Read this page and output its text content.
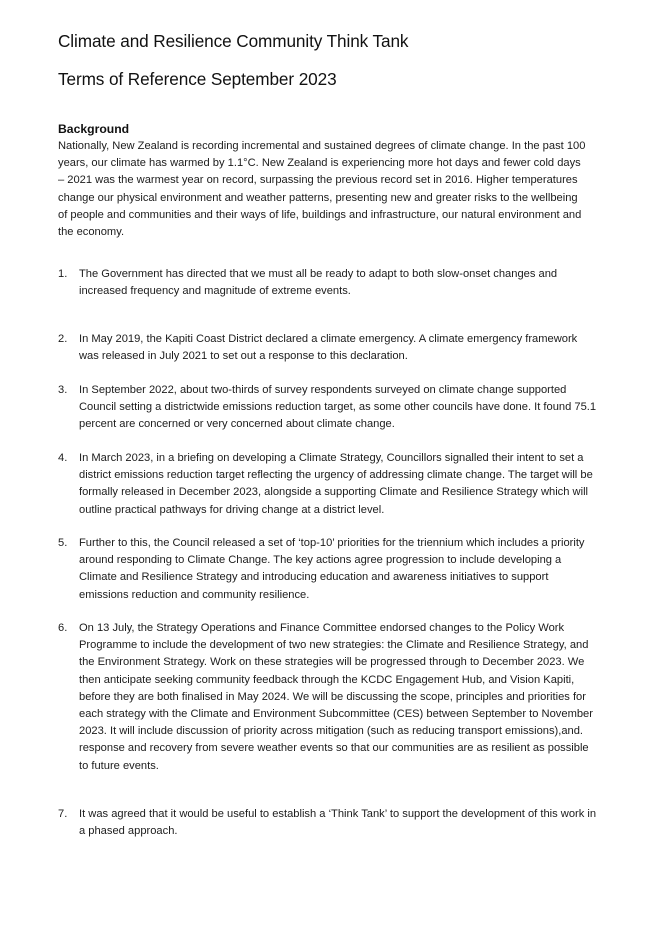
Climate and Resilience Community Think Tank
Terms of Reference September 2023
Background
Nationally, New Zealand is recording incremental and sustained degrees of climate change. In the past 100 years, our climate has warmed by 1.1°C. New Zealand is experiencing more hot days and fewer cold days – 2021 was the warmest year on record, surpassing the previous record set in 2016. Higher temperatures change our physical environment and weather patterns, presenting new and greater risks to the wellbeing of people and communities and their ways of life, buildings and infrastructure, our natural environment and the economy.
1.	The Government has directed that we must all be ready to adapt to both slow-onset changes and increased frequency and magnitude of extreme events.
2.	In May 2019, the Kapiti Coast District declared a climate emergency. A climate emergency framework was released in July 2021 to set out a response to this declaration.
3.	In September 2022, about two-thirds of survey respondents surveyed on climate change supported Council setting a districtwide emissions reduction target, as some other councils have done. It found 75.1 percent are concerned or very concerned about climate change.
4.	In March 2023, in a briefing on developing a Climate Strategy, Councillors signalled their intent to set a district emissions reduction target reflecting the urgency of addressing climate change. The target will be formally released in December 2023, alongside a supporting Climate and Resilience Strategy which will outline practical pathways for driving change at a district level.
5.	Further to this, the Council released a set of ‘top-10’ priorities for the triennium which includes a priority around responding to Climate Change. The key actions agree progression to include developing a Climate and Resilience Strategy and introducing education and awareness initiatives to support emissions reduction and community resilience.
6.	On 13 July, the Strategy Operations and Finance Committee endorsed changes to the Policy Work Programme to include the development of two new strategies: the Climate and Resilience Strategy, and the Environment Strategy. Work on these strategies will be progressed through to December 2023. We then anticipate seeking community feedback through the KCDC Engagement Hub, and Vision Kapiti, before they are both finalised in May 2024. We will be discussing the scope, principles and priorities for each strategy with the Climate and Environment Subcommittee (CES) between September to November 2023. It will include discussion of priority across mitigation (such as reducing transport emissions),and. response and recovery from severe weather events so that our communities are as resilient as possible to future events.
7.	It was agreed that it would be useful to establish a ‘Think Tank’ to support the development of this work in a phased approach.
